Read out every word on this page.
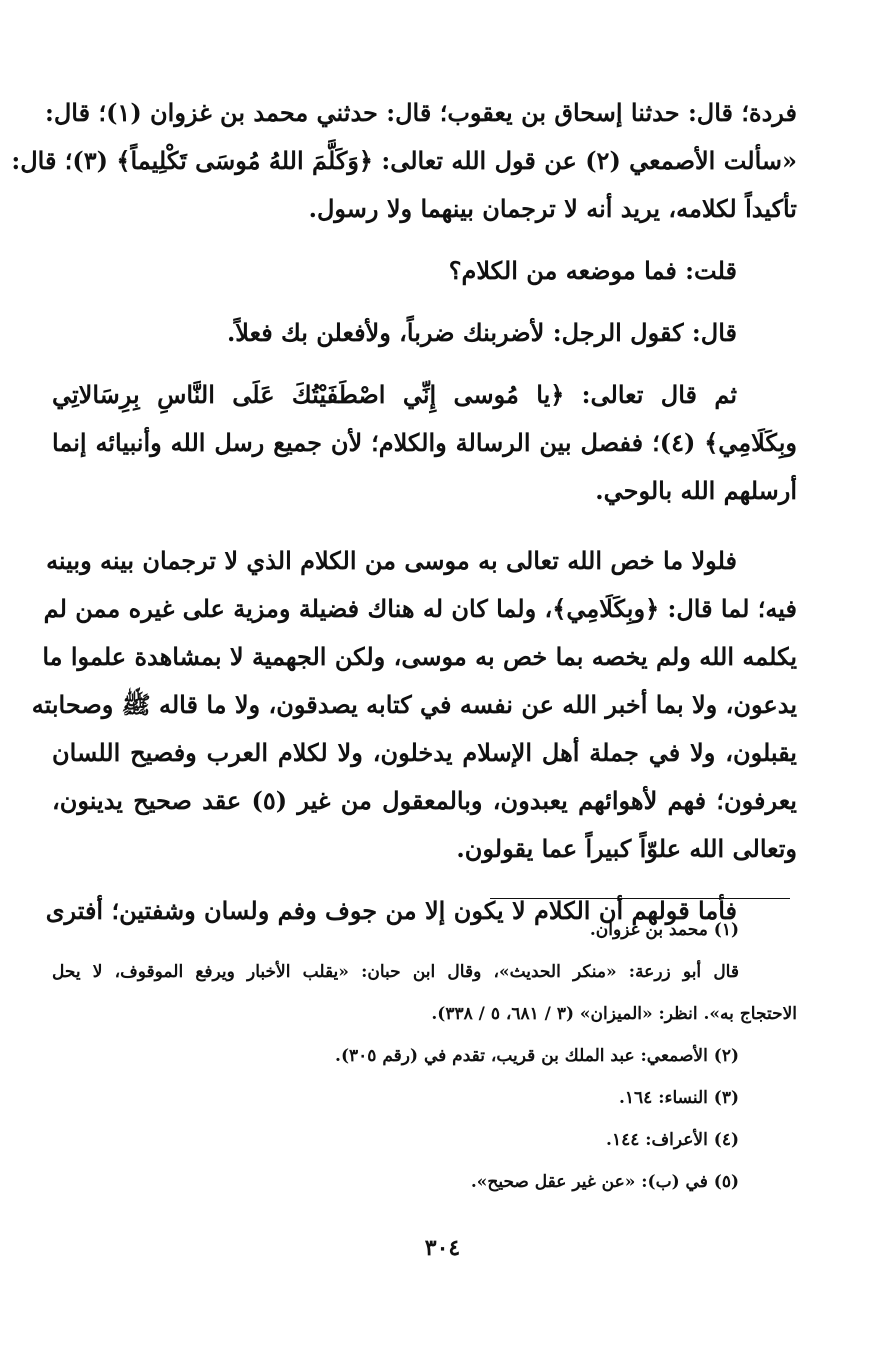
فردة؛ قال: حدثنا إسحاق بن يعقوب؛ قال: حدثني محمد بن غزوان (١)؛ قال:
«سألت الأصمعي (٢) عن قول الله تعالى: ﴿وَكَلَّمَ اللهُ مُوسَى تَكْلِيماً﴾ (٣)؛ قال:
تأكيداً لكلامه، يريد أنه لا ترجمان بينهما ولا رسول.
قلت: فما موضعه من الكلام؟
قال: كقول الرجل: لأضربنك ضرباً، ولأفعلن بك فعلاً.
ثم قال تعالى: ﴿يا مُوسى إِنِّي اصْطَفَيْتُكَ عَلَى النَّاسِ بِرِسَالاتِي
وبِكَلَامِي﴾ (٤)؛ ففصل بين الرسالة والكلام؛ لأن جميع رسل الله وأنبيائه إنما
أرسلهم الله بالوحي.
فلولا ما خص الله تعالى به موسى من الكلام الذي لا ترجمان بينه وبينه
فيه؛ لما قال: ﴿وبِكَلَامِي﴾، ولما كان له هناك فضيلة ومزية على غيره ممن لم
يكلمه الله ولم يخصه بما خص به موسى، ولكن الجهمية لا بمشاهدة علموا ما
يدعون، ولا بما أخبر الله عن نفسه في كتابه يصدقون، ولا ما قاله ﷺ وصحابته
يقبلون، ولا في جملة أهل الإسلام يدخلون، ولا لكلام العرب وفصيح اللسان
يعرفون؛ فهم لأهوائهم يعبدون، وبالمعقول من غير (٥) عقد صحيح يدينون،
وتعالى الله علوّاً كبيراً عما يقولون.
فأما قولهم أن الكلام لا يكون إلا من جوف وفم ولسان وشفتين؛ أفترى
(١) محمد بن غزوان.
قال أبو زرعة: «منكر الحديث»، وقال ابن حبان: «يقلب الأخبار ويرفع الموقوف، لا يحل
الاحتجاج به». انظر: «الميزان» (٣ / ٦٨١، ٥ / ٣٣٨).
(٢) الأصمعي: عبد الملك بن قريب، تقدم في (رقم ٣٠٥).
(٣) النساء: ١٦٤.
(٤) الأعراف: ١٤٤.
(٥) في (ب): «عن غير عقل صحيح».
٣٠٤
